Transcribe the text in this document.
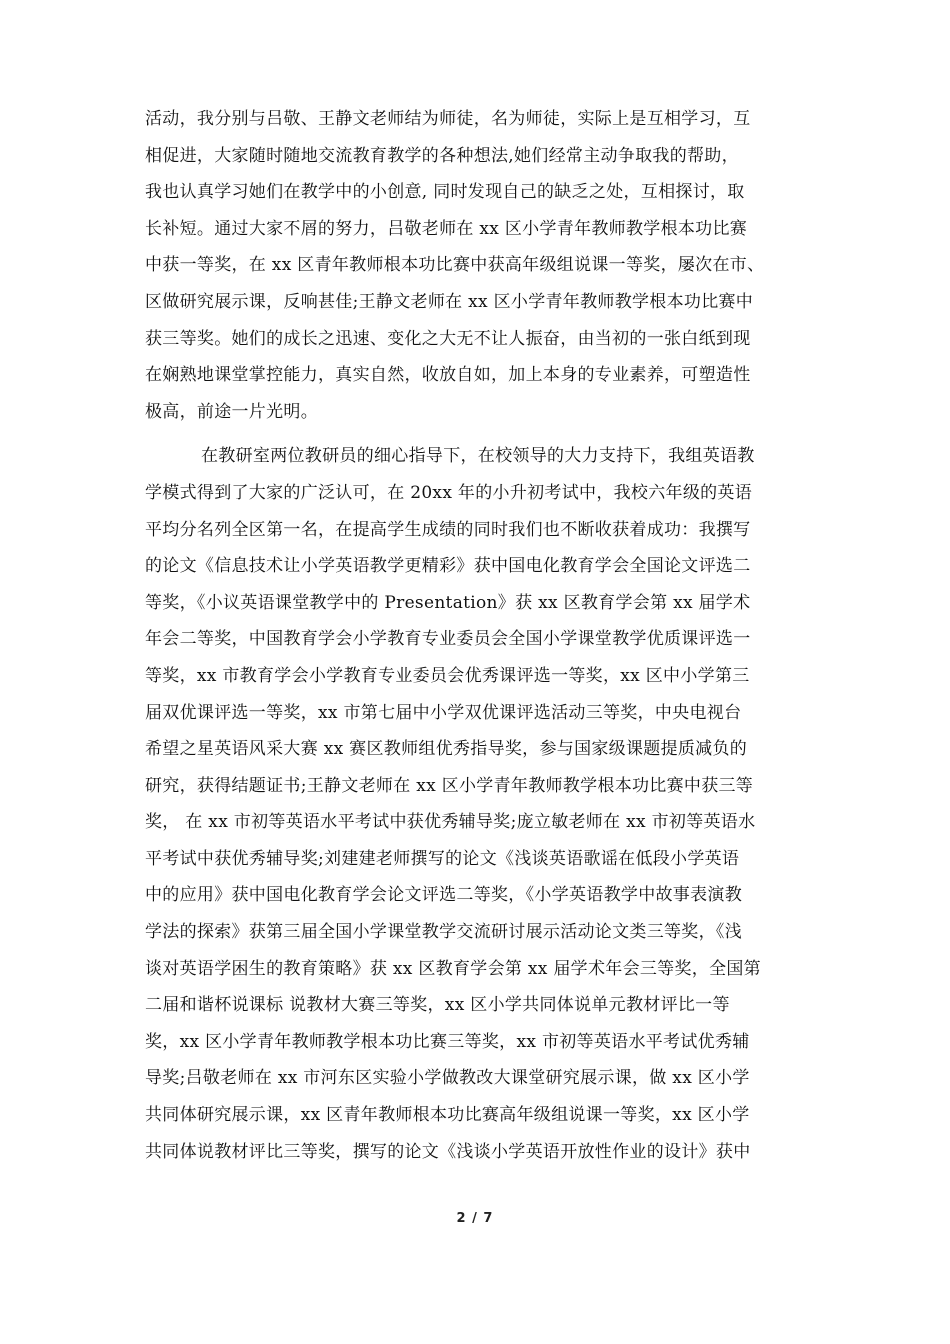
活动，我分别与吕敬、王静文老师结为师徒，名为师徒，实际上是互相学习，互
相促进，大家随时随地交流教育教学的各种想法,她们经常主动争取我的帮助，
我也认真学习她们在教学中的小创意, 同时发现自己的缺乏之处，互相探讨，取
长补短。通过大家不屑的努力，吕敬老师在 xx 区小学青年教师教学根本功比赛
中获一等奖，在 xx 区青年教师根本功比赛中获高年级组说课一等奖，屡次在市、
区做研究展示课，反响甚佳;王静文老师在 xx 区小学青年教师教学根本功比赛中
获三等奖。她们的成长之迅速、变化之大无不让人振奋，由当初的一张白纸到现
在娴熟地课堂掌控能力，真实自然，收放自如，加上本身的专业素养，可塑造性
极高，前途一片光明。
在教研室两位教研员的细心指导下，在校领导的大力支持下，我组英语教
学模式得到了大家的广泛认可，在 20xx 年的小升初考试中，我校六年级的英语
平均分名列全区第一名，在提高学生成绩的同时我们也不断收获着成功：我撰写
的论文《信息技术让小学英语教学更精彩》获中国电化教育学会全国论文评选二
等奖，《小议英语课堂教学中的 Presentation》获 xx 区教育学会第 xx 届学术
年会二等奖，中国教育学会小学教育专业委员会全国小学课堂教学优质课评选一
等奖，xx 市教育学会小学教育专业委员会优秀课评选一等奖，xx 区中小学第三
届双优课评选一等奖，xx 市第七届中小学双优课评选活动三等奖，中央电视台
希望之星英语风采大赛 xx 赛区教师组优秀指导奖，参与国家级课题提质减负的
研究，获得结题证书;王静文老师在 xx 区小学青年教师教学根本功比赛中获三等
奖， 在 xx 市初等英语水平考试中获优秀辅导奖;庞立敏老师在 xx 市初等英语水
平考试中获优秀辅导奖;刘建建老师撰写的论文《浅谈英语歌谣在低段小学英语
中的应用》获中国电化教育学会论文评选二等奖，《小学英语教学中故事表演教
学法的探索》获第三届全国小学课堂教学交流研讨展示活动论文类三等奖，《浅
谈对英语学困生的教育策略》获 xx 区教育学会第 xx 届学术年会三等奖，全国第
二届和谐杯说课标 说教材大赛三等奖，xx 区小学共同体说单元教材评比一等
奖，xx 区小学青年教师教学根本功比赛三等奖，xx 市初等英语水平考试优秀辅
导奖;吕敬老师在 xx 市河东区实验小学做教改大课堂研究展示课，做 xx 区小学
共同体研究展示课，xx 区青年教师根本功比赛高年级组说课一等奖，xx 区小学
共同体说教材评比三等奖，撰写的论文《浅谈小学英语开放性作业的设计》获中
2 / 7
